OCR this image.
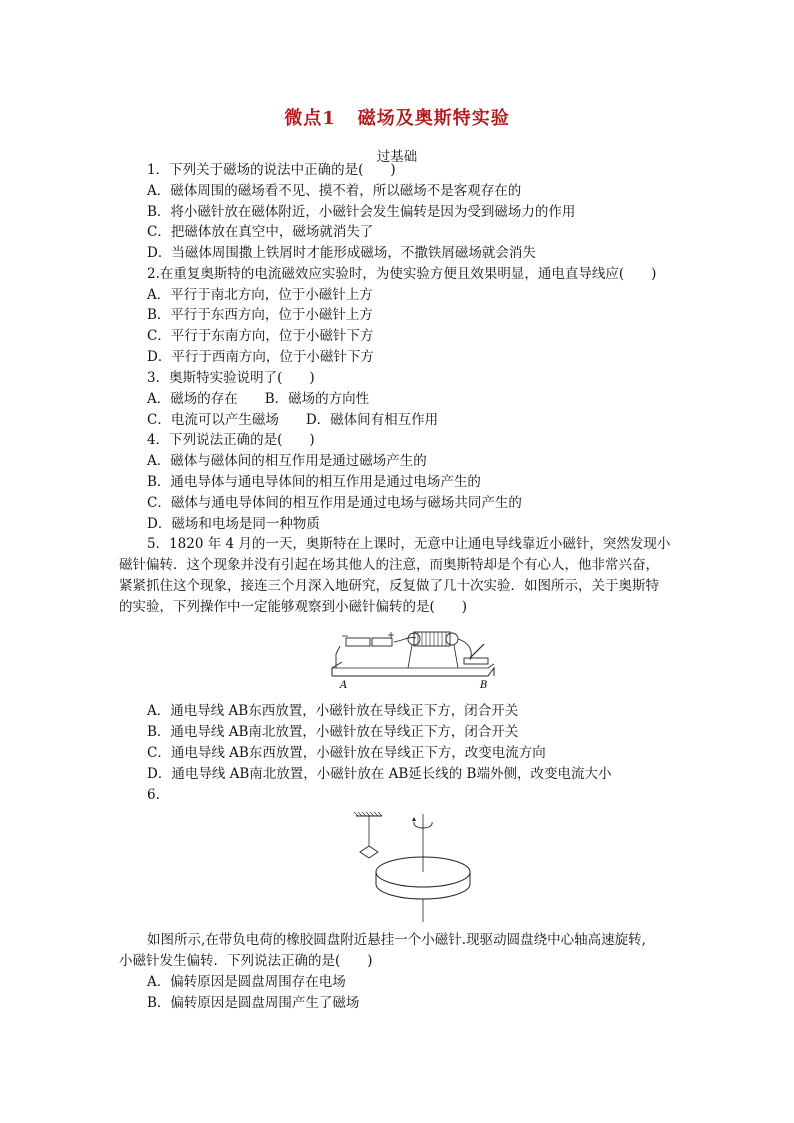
微点1 磁场及奥斯特实验
过基础
1．下列关于磁场的说法中正确的是(　　)
A．磁体周围的磁场看不见、摸不着，所以磁场不是客观存在的
B．将小磁针放在磁体附近，小磁针会发生偏转是因为受到磁场力的作用
C．把磁体放在真空中，磁场就消失了
D．当磁体周围撒上铁屑时才能形成磁场，不撒铁屑磁场就会消失
2.在重复奥斯特的电流磁效应实验时，为使实验方便且效果明显，通电直导线应(　　)
A．平行于南北方向，位于小磁针上方
B．平行于东西方向，位于小磁针上方
C．平行于东南方向，位于小磁针下方
D．平行于西南方向，位于小磁针下方
3．奥斯特实验说明了(　　)
A．磁场的存在　　B．磁场的方向性
C．电流可以产生磁场　　D．磁体间有相互作用
4．下列说法正确的是(　　)
A．磁体与磁体间的相互作用是通过磁场产生的
B．通电导体与通电导体间的相互作用是通过电场产生的
C．磁体与通电导体间的相互作用是通过电场与磁场共同产生的
D．磁场和电场是同一种物质
5．1820 年 4 月的一天，奥斯特在上课时，无意中让通电导线靠近小磁针，突然发现小
磁针偏转．这个现象并没有引起在场其他人的注意，而奥斯特却是个有心人，他非常兴奋，
紧紧抓住这个现象，接连三个月深入地研究，反复做了几十次实验．如图所示，关于奥斯特
的实验，下列操作中一定能够观察到小磁针偏转的是(　　)
A	B
A．通电导线 AB东西放置，小磁针放在导线正下方，闭合开关
B．通电导线 AB南北放置，小磁针放在导线正下方，闭合开关
C．通电导线 AB东西放置，小磁针放在导线正下方，改变电流方向
D．通电导线 AB南北放置，小磁针放在 AB延长线的 B端外侧，改变电流大小
6.
如图所示,在带负电荷的橡胶圆盘附近悬挂一个小磁针.现驱动圆盘绕中心轴高速旋转,
小磁针发生偏转．下列说法正确的是(　　)
A．偏转原因是圆盘周围存在电场
B．偏转原因是圆盘周围产生了磁场
